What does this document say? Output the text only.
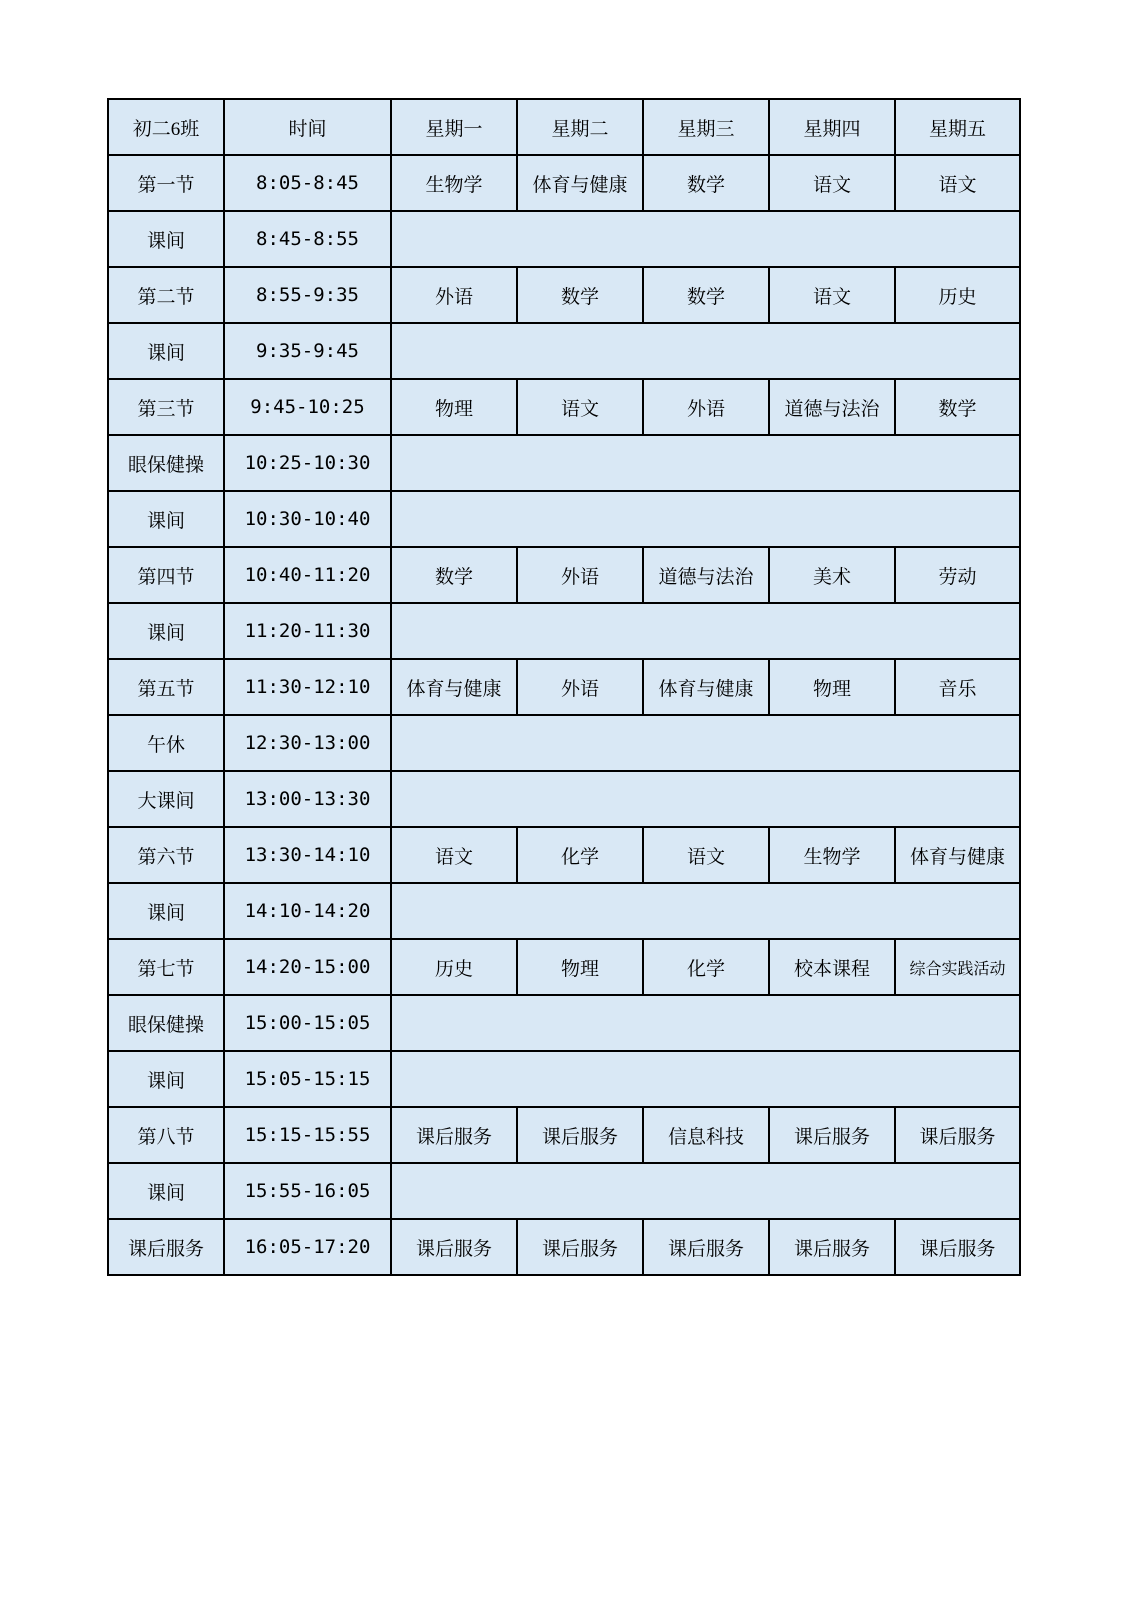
初二6班	时间	星期一	星期二	星期三	星期四	星期五
第一节	8:05-8:45	生物学	体育与健康	数学	语文	语文
课间	8:45-8:55					
第二节	8:55-9:35	外语	数学	数学	语文	历史
课间	9:35-9:45					
第三节	9:45-10:25	物理	语文	外语	道德与法治	数学
眼保健操	10:25-10:30					
课间	10:30-10:40					
第四节	10:40-11:20	数学	外语	道德与法治	美术	劳动
课间	11:20-11:30					
第五节	11:30-12:10	体育与健康	外语	体育与健康	物理	音乐
午休	12:30-13:00					
大课间	13:00-13:30					
第六节	13:30-14:10	语文	化学	语文	生物学	体育与健康
课间	14:10-14:20					
第七节	14:20-15:00	历史	物理	化学	校本课程	综合实践活动
眼保健操	15:00-15:05					
课间	15:05-15:15					
第八节	15:15-15:55	课后服务	课后服务	信息科技	课后服务	课后服务
课间	15:55-16:05					
课后服务	16:05-17:20	课后服务	课后服务	课后服务	课后服务	课后服务
